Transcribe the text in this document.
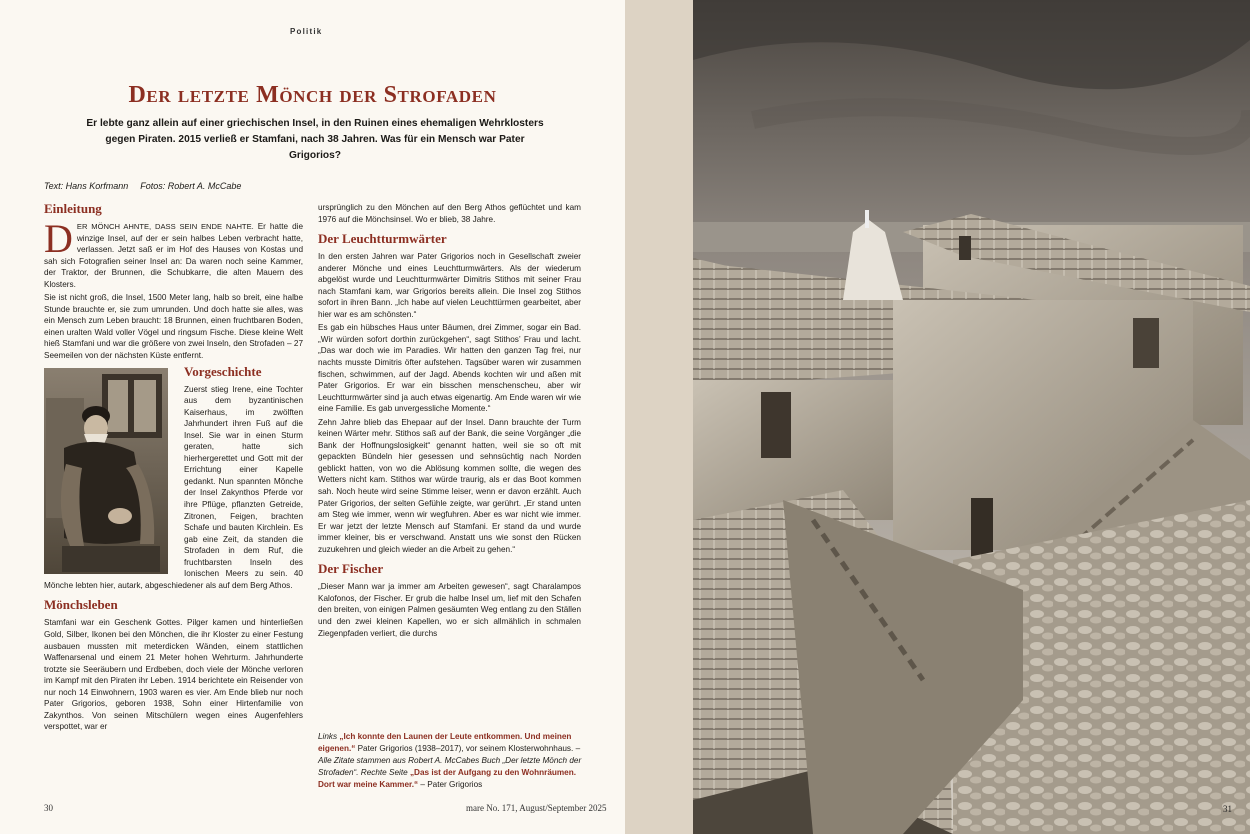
Politik
Der letzte Mönch der Strofaden

Er lebte ganz allein auf einer griechischen Insel, in den Ruinen eines ehemaligen Wehrklosters gegen Piraten. 2015 verließ er Stamfani, nach 38 Jahren. Was für ein Mensch war Pater Grigorios?

Text: Hans Korfmann Fotos: Robert A. McCabe
Einleitung

DER MÖNCH AHNTE, DASS SEIN ENDE NAHTE. Er hatte die winzige Insel, auf der er sein halbes Leben verbracht hatte, verlassen. Jetzt saß er im Hof des Hauses von Kostas und sah sich Fotografien seiner Insel an: Da waren noch seine Kammer, der Traktor, der Brunnen, die Schubkarre, die alten Mauern des Klosters.

Sie ist nicht groß, die Insel, 1500 Meter lang, halb so breit, eine halbe Stunde brauchte er, sie zum umrunden. Und doch hatte sie alles, was ein Mensch zum Leben braucht: 18 Brunnen, einen fruchtbaren Boden, einen uralten Wald voller Vögel und ringsum Fische. Diese kleine Welt hieß Stamfani und war die größere von zwei Inseln, den Strofaden – 27 Seemeilen von der nächsten Küste entfernt.

Vorgeschichte

Zuerst stieg Irene, eine Tochter aus dem byzantinischen Kaiserhaus, im zwölften Jahrhundert ihren Fuß auf die Insel. Sie war in einen Sturm geraten, hatte sich hierhergerettet und Gott mit der Errichtung einer Kapelle gedankt. Nun spannten Mönche der Insel Zakynthos Pferde vor ihre Pflüge, pflanzten Getreide, Zitronen, Feigen, brachten Schafe und bauten Kirchlein. Es gab eine Zeit, da standen die Strofaden in dem Ruf, die fruchtbarsten Inseln des Ionischen Meers zu sein. 40 Mönche lebten hier, autark, abgeschiedener als auf dem Berg Athos.

Mönchsleben

Stamfani war ein Geschenk Gottes. Pilger kamen und hinterließen Gold, Silber, Ikonen bei den Mönchen, die ihr Kloster zu einer Festung ausbauen mussten mit meterdicken Wänden, einem stattlichen Waffenarsenal und einem 21 Meter hohen Wehrturm. Jahrhunderte trotzte sie Seeräubern und Erdbeben, doch viele der Mönche verloren im Kampf mit den Piraten ihr Leben. 1914 berichtete ein Reisender von nur noch 14 Einwohnern, 1903 waren es vier. Am Ende blieb nur noch Pater Grigorios, geboren 1938, Sohn einer Hirtenfamilie von Zakynthos. Von seinen Mitschülern wegen eines Augenfehlers verspottet, war er

ursprünglich zu den Mönchen auf den Berg Athos geflüchtet und kam 1976 auf die Mönchsinsel. Wo er blieb, 38 Jahre.

Der Leuchtturmwärter

In den ersten Jahren war Pater Grigorios noch in Gesellschaft zweier anderer Mönche und eines Leuchtturmwärters. Als der wiederum abgelöst wurde und Leuchtturmwärter Dimitris Stithos mit seiner Frau nach Stamfani kam, war Grigorios bereits allein. Die Insel zog Stithos sofort in ihren Bann. „Ich habe auf vielen Leuchttürmen gearbeitet, aber hier war es am schönsten.“

Es gab ein hübsches Haus unter Bäumen, drei Zimmer, sogar ein Bad. „Wir würden sofort dorthin zurückgehen“, sagt Stithos’ Frau und lacht. „Das war doch wie im Paradies. Wir hatten den ganzen Tag frei, nur nachts musste Dimitris öfter aufstehen. Tagsüber waren wir zusammen fischen, schwimmen, auf der Jagd. Abends kochten wir und aßen mit Pater Grigorios. Er war ein bisschen menschenscheu, aber wir Leuchtturmwärter sind ja auch etwas eigenartig. Am Ende waren wir wie eine Familie. Es gab unvergessliche Momente.“

Zehn Jahre blieb das Ehepaar auf der Insel. Dann brauchte der Turm keinen Wärter mehr. Stithos saß auf der Bank, die seine Vorgänger „die Bank der Hoffnungslosigkeit“ genannt hatten, weil sie so oft mit gepackten Bündeln hier gesessen und sehnsüchtig nach Norden geblickt hatten, von wo die Ablösung kommen sollte, die wegen des Wetters nicht kam. Stithos war würde traurig, als er das Boot kommen sah. Noch heute wird seine Stimme leiser, wenn er davon erzählt. Auch Pater Grigorios, der selten Gefühle zeigte, war gerührt. „Er stand unten am Steg wie immer, wenn wir wegfuhren. Aber es war nicht wie immer. Er war jetzt der letzte Mensch auf Stamfani. Er stand da und wurde immer kleiner, bis er verschwand. Anstatt uns wie sonst den Rücken zuzukehren und gleich wieder an die Arbeit zu gehen.“

Der Fischer

„Dieser Mann war ja immer am Arbeiten gewesen“, sagt Charalampos Kalofonos, der Fischer. Er grub die halbe Insel um, lief mit den Schafen den breiten, von einigen Palmen gesäumten Weg entlang zu den Ställen und den zwei kleinen Kapellen, wo er sich allmählich in schmalen Ziegenpfaden verliert, die durchs

Links „Ich konnte den Launen der Leute entkommen. Und meinen eigenen.“ Pater Grigorios (1938–2017), vor seinem Klosterwohnhaus. – Alle Zitate stammen aus Robert A. McCabes Buch „Der letzte Mönch der Strofaden“. Rechte Seite „Das ist der Aufgang zu den Wohnräumen. Dort war meine Kammer.“ – Pater Grigorios

30	mare No. 171, August/September 2025	31
